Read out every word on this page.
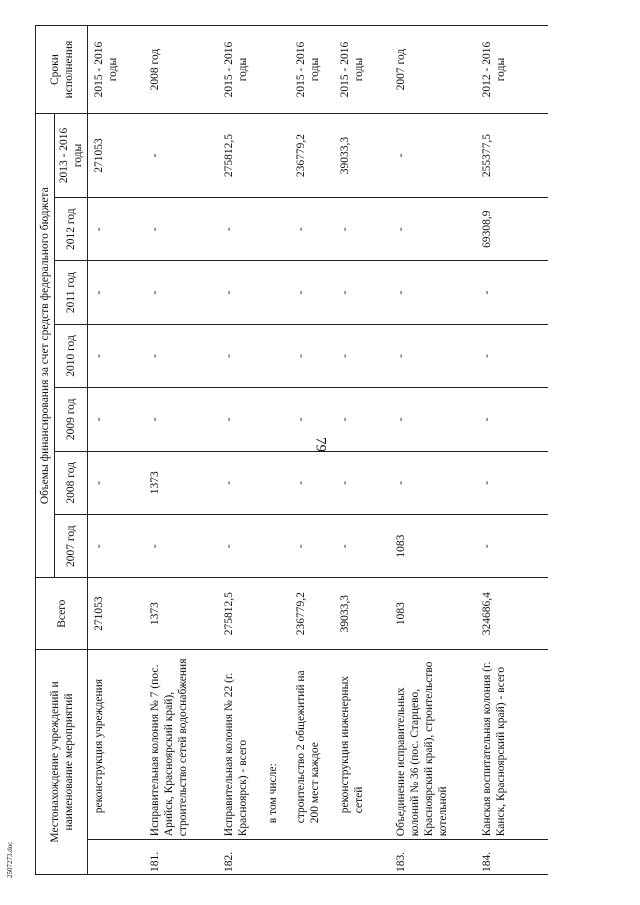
79
2507273.doc
Местонахождение учреждений и наименование мероприятий		Всего	Объемы финансирования за счет средств федерального бюджета							Сроки исполнения
			2007 год	2008 год	2009 год	2010 год	2011 год	2012 год	2013 - 2016 годы	
	реконструкция учреждения	271053	-	-	-	-	-	-	271053	2015 - 2016 годы
181.	Исправительная колония № 7 (пос. Арийск, Красноярский край), строительство сетей водоснабжения	1373	-	1373	-	-	-	-	-	2008 год
182.	Исправительная колония № 22 (г. Красноярск) - всего	275812,5	-	-	-	-	-	-	275812,5	2015 - 2016 годы
	в том числе:									
	строительство 2 общежитий на 200 мест каждое	236779,2	-	-	-	-	-	-	236779,2	2015 - 2016 годы
	реконструкция инженерных сетей	39033,3	-	-	-	-	-	-	39033,3	2015 - 2016 годы
183.	Объединение исправительных колоний № 36 (пос. Старцево, Красноярский край), строительство котельной	1083	1083	-	-	-	-	-	-	2007 год
184.	Канская воспитательная колония (г. Канск, Красноярский край) - всего	324686,4	-	-	-	-	-	69308,9	255377,5	2012 - 2016 годы
